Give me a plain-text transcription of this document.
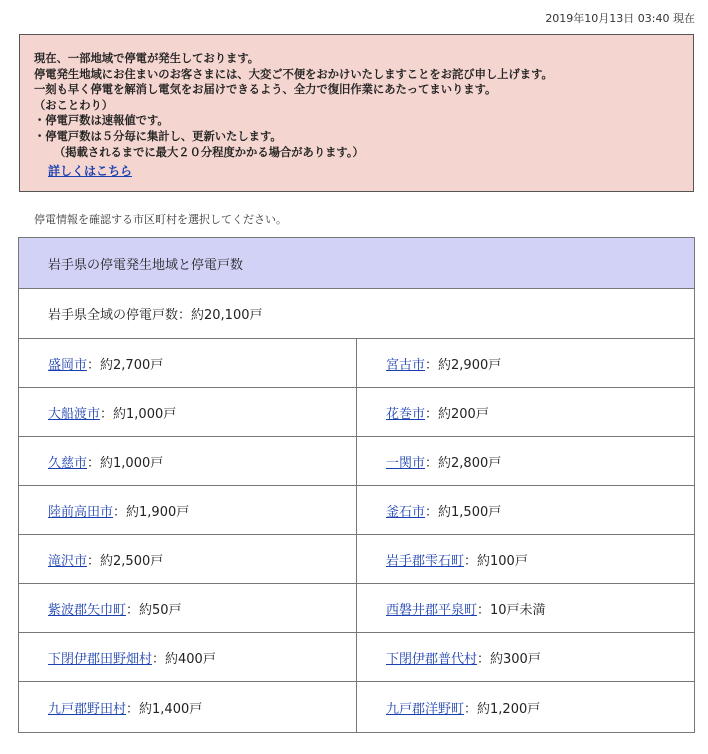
2019年10月13日 03:40 現在
現在、一部地域で停電が発生しております。
停電発生地域にお住まいのお客さまには、大変ご不便をおかけいたしますことをお詫び申し上げます。
一刻も早く停電を解消し電気をお届けできるよう、全力で復旧作業にあたってまいります。
（おことわり）
・停電戸数は速報値です。
・停電戸数は５分毎に集計し、更新いたします。
（掲載されるまでに最大２０分程度かかる場合があります。）
詳しくはこちら
停電情報を確認する市区町村を選択してください。
岩手県の停電発生地域と停電戸数	
岩手県全域の停電戸数：約20,100戸	
盛岡市：約2,700戸	宮古市：約2,900戸
大船渡市：約1,000戸	花巻市：約200戸
久慈市：約1,000戸	一関市：約2,800戸
陸前高田市：約1,900戸	釜石市：約1,500戸
滝沢市：約2,500戸	岩手郡雫石町：約100戸
紫波郡矢巾町：約50戸	西磐井郡平泉町：10戸未満
下閉伊郡田野畑村：約400戸	下閉伊郡普代村：約300戸
九戸郡野田村：約1,400戸	九戸郡洋野町：約1,200戸
